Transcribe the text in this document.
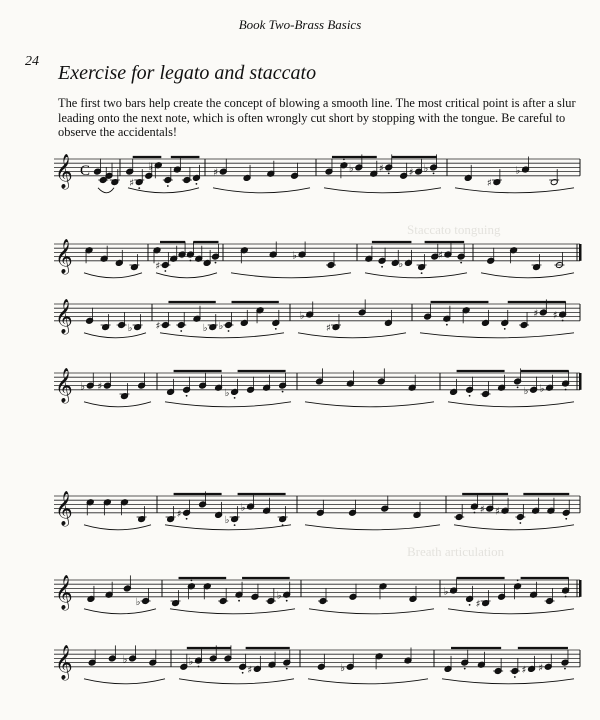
Staccato tonguing
Breath articulation
Book Two-Brass Basics
24
Exercise for legato and staccato
The first two bars help create the concept of blowing a smooth line. The most critical point is after a slur leading onto the next note, which is often wrongly cut short by stopping with the tongue. Be careful to observe the accidentals!
C
𝄞	♯
♭
♯	♭	♯	♯ ♭
♯
♭
𝄞	♯
♯	♭
♭
♯
𝄞	♭ ♯	♭ ♭
♭
♯
♯ ♯
𝄞 ♭ ♯
♭	♭ ♭
𝄞	♯
♭
♭	♯ ♯
𝄞	♭
♭	♭
♯
𝄞	♭	♭
♯	♭	♯ ♯
